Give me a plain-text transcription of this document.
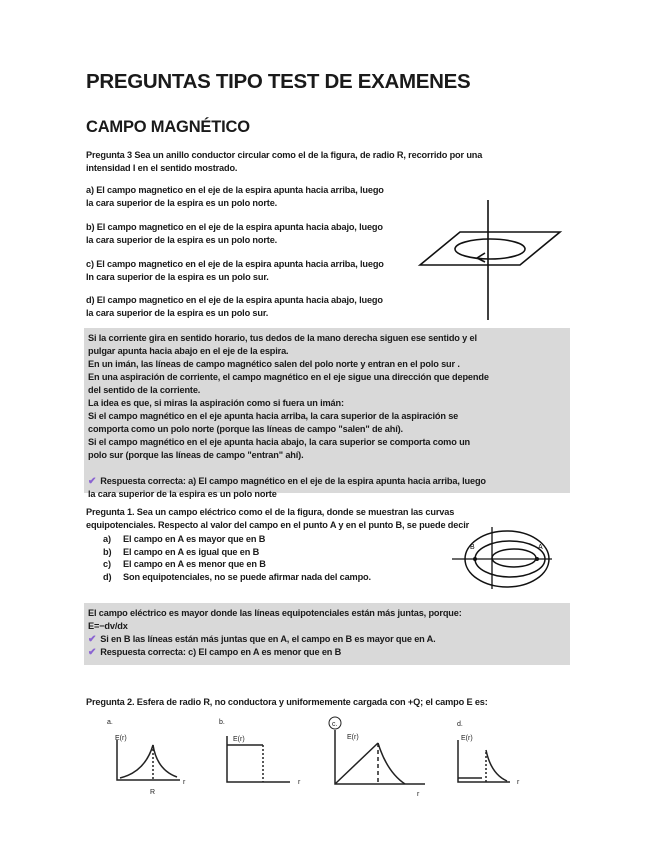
PREGUNTAS TIPO TEST DE EXAMENES
CAMPO MAGNÉTICO
Pregunta 3 Sea un anillo conductor circular como el de la figura, de radio R, recorrido por una
intensidad I en el sentido mostrado.
a) El campo magnetico en el eje de la espira apunta hacia arriba, luego
la cara superior de la espira es un polo norte.
b) El campo magnetico en el eje de la espira apunta hacia abajo, luego
la cara superior de la espira es un polo norte.
c) El campo magnetico en el eje de la espira apunta hacia arriba, luego
In cara superior de la espira es un polo sur.
d) El campo magnetico en el eje de la espira apunta hacia abajo, luego
la cara superior de la espira es un polo sur.
Si la corriente gira en sentido horario, tus dedos de la mano derecha siguen ese sentido y el
pulgar apunta hacia abajo en el eje de la espira.
En un imán, las líneas de campo magnético salen del polo norte y entran en el polo sur .
En una aspiración de corriente, el campo magnético en el eje sigue una dirección que depende
del sentido de la corriente.
La idea es que, si miras la aspiración como si fuera un imán:
Si el campo magnético en el eje apunta hacia arriba, la cara superior de la aspiración se
comporta como un polo norte (porque las líneas de campo "salen" de ahí).
Si el campo magnético en el eje apunta hacia abajo, la cara superior se comporta como un
polo sur (porque las líneas de campo "entran" ahí).
✔ Respuesta correcta: a) El campo magnético en el eje de la espira apunta hacia arriba, luego
la cara superior de la espira es un polo norte
Pregunta 1. Sea un campo eléctrico como el de la figura, donde se muestran las curvas
equipotenciales. Respecto al valor del campo en el punto A y en el punto B, se puede decir
a)	El campo en A es mayor que en B
b)	El campo en A es igual que en B
c)	El campo en A es menor que en B
d)	Son equipotenciales, no se puede afirmar nada del campo.
B	A
El campo eléctrico es mayor donde las líneas equipotenciales están más juntas, porque:
E=−dv/dx
✔ Si en B las líneas están más juntas que en A, el campo en B es mayor que en A.
✔ Respuesta correcta: c) El campo en A es menor que en B
Pregunta 2. Esfera de radio R, no conductora y uniformemente cargada con +Q; el campo E es:
a.
E(r)
r
R
b.
E(r)
r
c.
E(r)
r
d.
E(r)
r
